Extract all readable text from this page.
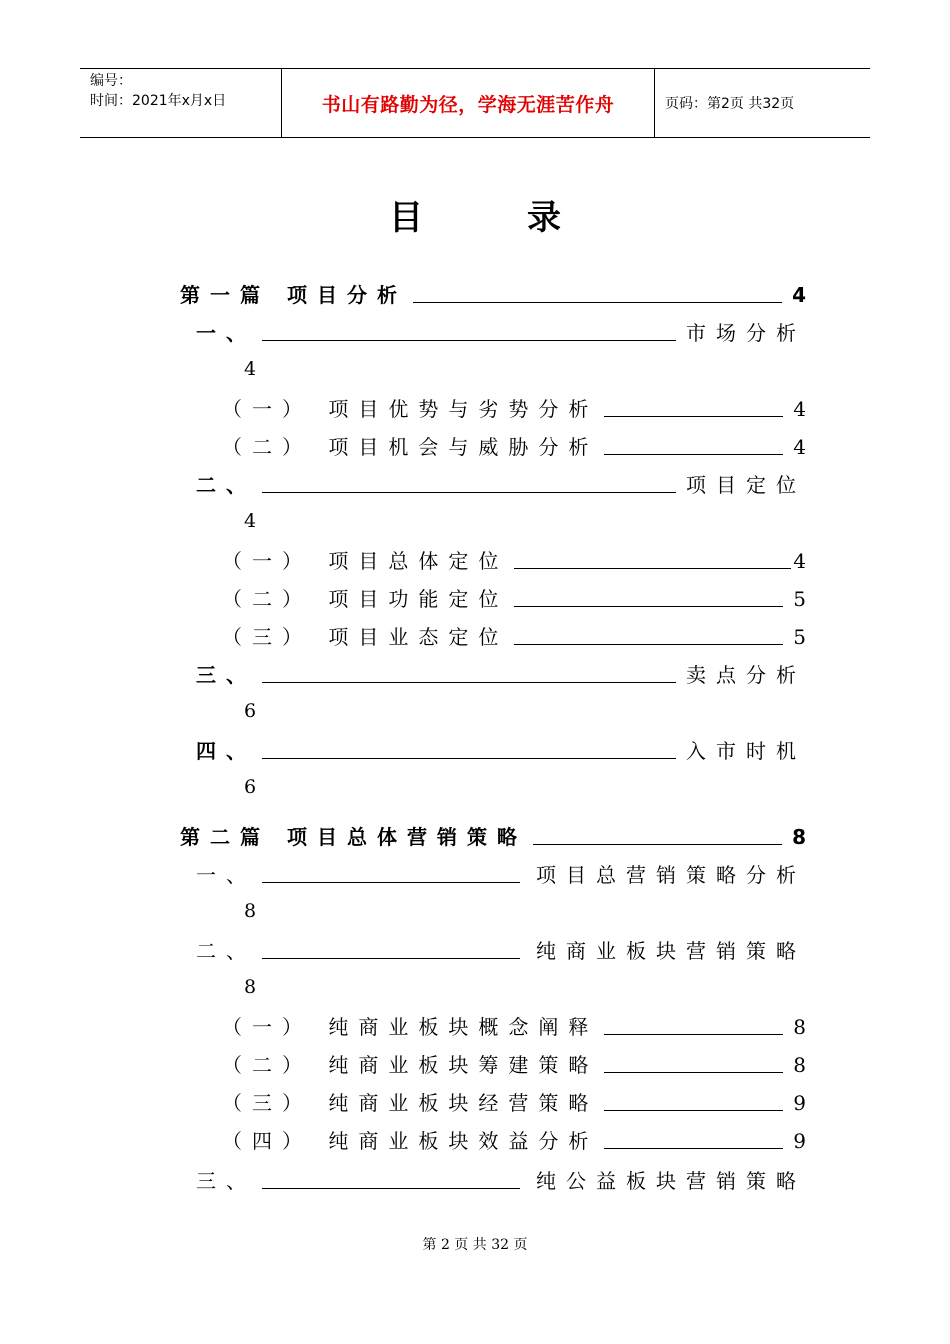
编号：
时间：2021年x月x日	书山有路勤为径，学海无涯苦作舟	页码：第2页 共32页
目录
第一篇 项目分析	4
一、	市场分析
4
（一） 项目优势与劣势分析	4
（二） 项目机会与威胁分析	4
二、	项目定位
4
（一） 项目总体定位	4
（二） 项目功能定位	5
（三） 项目业态定位	5
三、	卖点分析
6
四、	入市时机
6
第二篇 项目总体营销策略	8
一、	项目总营销策略分析
8
二、	纯商业板块营销策略
8
（一） 纯商业板块概念阐释	8
（二） 纯商业板块筹建策略	8
（三） 纯商业板块经营策略	9
（四） 纯商业板块效益分析	9
三、	纯公益板块营销策略
第 2 页 共 32 页
